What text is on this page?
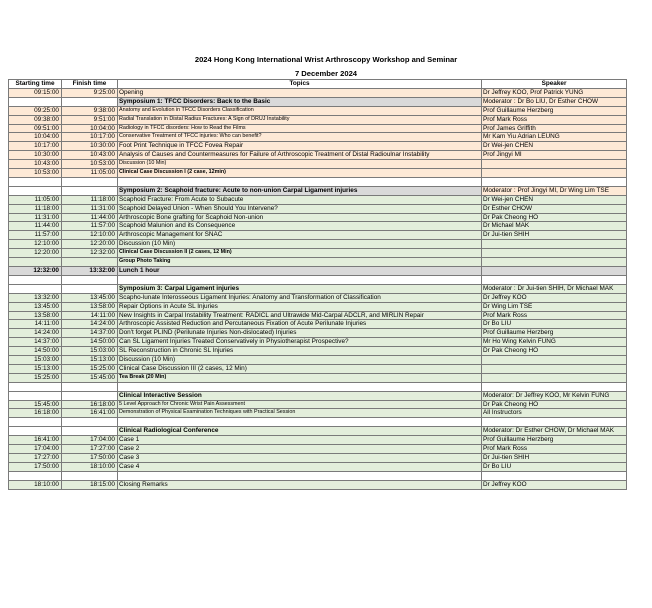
2024 Hong Kong International Wrist Arthroscopy Workshop and Seminar
7 December 2024
Starting time	Finish time	Topics	Speaker
09:15:00	9:25:00	Opening	Dr Jeffrey KOO, Prof Patrick YUNG
		Symposium 1: TFCC Disorders: Back to the Basic	Moderator : Dr Bo LIU, Dr Esther CHOW
09:25:00	9:38:00	Anatomy and Evolution in TFCC Disorders Classification	Prof Guillaume Herzberg
09:38:00	9:51:00	Radial Translation in Distal Radius Fractures: A Sign of DRUJ Instability	Prof Mark Ross
09:51:00	10:04:00	Radiology in TFCC disorders: How to Read the Films	Prof James Griffith
10:04:00	10:17:00	Conservative Treatment of TFCC injuries: Who can benefit?	Mr Kam Yiu Adrian LEUNG
10:17:00	10:30:00	Foot Print Technique in TFCC Fovea Repair	Dr Wei-jen CHEN
10:30:00	10:43:00	Analysis of Causes and Countermeasures for Failure of Arthroscopic Treatment of Distal Radioulnar Instability	Prof Jingyi MI
10:43:00	10:53:00	Discussion (10 Min)	
10:53:00	11:05:00	Clinical Case Discussion I (2 case, 12min)	

		Symposium 2: Scaphoid fracture: Acute to non-union Carpal Ligament injuries	Moderator : Prof Jingyi MI, Dr Wing Lim TSE
11:05:00	11:18:00	Scaphoid Fracture: From Acute to Subacute	Dr Wei-jen CHEN
11:18:00	11:31:00	Scaphoid Delayed Union - When Should You Intervene?	Dr Esther CHOW
11:31:00	11:44:00	Arthroscopic Bone grafting for Scaphoid Non-union	Dr Pak Cheong HO
11:44:00	11:57:00	Scaphoid Malunion and its Consequence	Dr Michael MAK
11:57:00	12:10:00	Arthroscopic Management for SNAC	Dr Jui-tien SHIH
12:10:00	12:20:00	Discussion (10 Min)	
12:20:00	12:32:00	Clinical Case Discussion II (2 cases, 12 Min)	
		Group Photo Taking	
12:32:00	13:32:00	Lunch 1 hour	

		Symposium 3: Carpal Ligament injuries	Moderator : Dr Jui-tien SHIH, Dr Michael MAK
13:32:00	13:45:00	Scapho-lunate Interosseous Ligament Injuries: Anatomy and Transformation of Classification	Dr Jeffrey KOO
13:45:00	13:58:00	Repair Options in Acute SL Injuries	Dr Wing Lim TSE
13:58:00	14:11:00	New Insights in Carpal Instability Treatment: RADICL and Ultrawide Mid-Carpal ADCLR, and MIRLIN Repair	Prof Mark Ross
14:11:00	14:24:00	Arthroscopic Assisted Reduction and Percutaneous Fixation of Acute Perilunate Injuries	Dr Bo LIU
14:24:00	14:37:00	Don't forget PLIND (Perilunate Injuries Non-dislocated) Injuries	Prof Guillaume Herzberg
14:37:00	14:50:00	Can SL Ligament Injuries Treated Conservatively in Physiotherapist Prospective?	Mr Ho Wing Kelvin FUNG
14:50:00	15:03:00	SL Reconstruction in Chronic SL Injuries	Dr Pak Cheong HO
15:03:00	15:13:00	Discussion (10 Min)	
15:13:00	15:25:00	Clinical Case Discussion III (2 cases, 12 Min)	
15:25:00	15:45:00	Tea Break (20 Min)	

		Clinical Interactive Session	Moderator: Dr Jeffrey KOO, Mr Kelvin FUNG
15:45:00	16:18:00	5 Level Approach for Chronic Wrist Pain Assessment	Dr Pak Cheong HO
16:18:00	16:41:00	Demonstration of Physical Examination Techniques with Practical Session	All Instructors

		Clinical Radiological Conference	Moderator: Dr Esther CHOW, Dr Michael MAK
16:41:00	17:04:00	Case 1	Prof Guillaume Herzberg
17:04:00	17:27:00	Case 2	Prof Mark Ross
17:27:00	17:50:00	Case 3	Dr Jui-tien SHIH
17:50:00	18:10:00	Case 4	Dr Bo LIU

18:10:00	18:15:00	Closing Remarks	Dr Jeffrey KOO
